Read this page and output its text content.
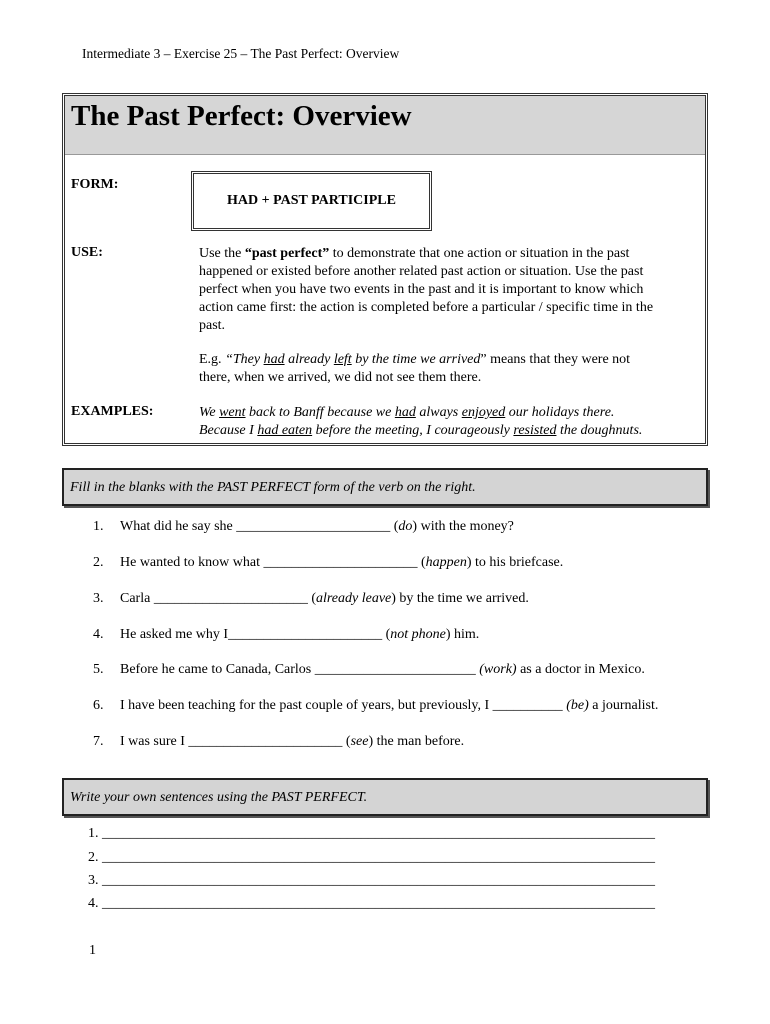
Intermediate 3 – Exercise 25 – The Past Perfect: Overview
The Past Perfect: Overview
FORM:
HAD + PAST PARTICIPLE
USE:	Use the “past perfect” to demonstrate that one action or situation in the past
happened or existed before another related past action or situation. Use the past
perfect when you have two events in the past and it is important to know which
action came first: the action is completed before a particular / specific time in the
past.
E.g. “They had already left by the time we arrived” means that they were not
there, when we arrived, we did not see them there.
EXAMPLES:	We went back to Banff because we had always enjoyed our holidays there.
Because I had eaten before the meeting, I courageously resisted the doughnuts.
Fill in the blanks with the PAST PERFECT form of the verb on the right.
1. What did he say she ______________________ (do) with the money?
2. He wanted to know what ______________________ (happen) to his briefcase.
3. Carla ______________________ (already leave) by the time we arrived.
4. He asked me why I______________________ (not phone) him.
5. Before he came to Canada, Carlos _______________________ (work) as a doctor in Mexico.
6. I have been teaching for the past couple of years, but previously, I __________ (be) a journalist.
7. I was sure I ______________________ (see) the man before.
Write your own sentences using the PAST PERFECT.
1. _______________________________________________________________________________
2. _______________________________________________________________________________
3. _______________________________________________________________________________
4. _______________________________________________________________________________
1
